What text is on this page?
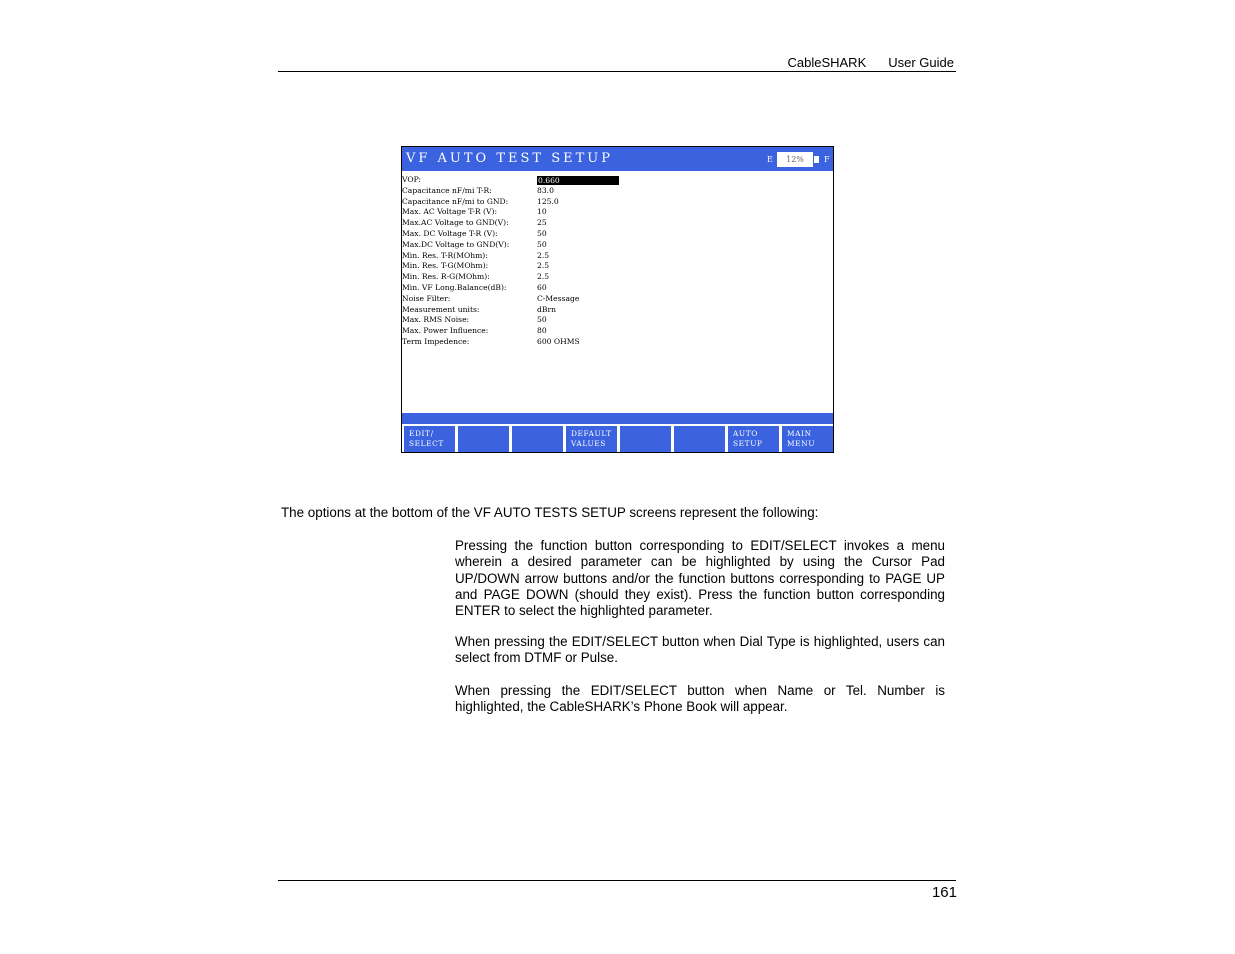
CableSHARK User Guide
VF AUTO TEST SETUP	E	12%	F
VOP:	0.660
Capacitance nF/mi T-R:	83.0
Capacitance nF/mi to GND:	125.0
Max. AC Voltage T-R (V):	10
Max.AC Voltage to GND(V):	25
Max. DC Voltage T-R (V):	50
Max.DC Voltage to GND(V):	50
Min. Res. T-R(MOhm):	2.5
Min. Res. T-G(MOhm):	2.5
Min. Res. R-G(MOhm):	2.5
Min. VF Long.Balance(dB):	60
Noise Filter:	C-Message
Measurement units:	dBrn
Max. RMS Noise:	50
Max. Power Influence:	80
Term Impedence:	600 OHMS
EDIT/
SELECT
DEFAULT
VALUES
AUTO
SETUP
MAIN
MENU
The options at the bottom of the VF AUTO TESTS SETUP screens represent the following:

Pressing the function button corresponding to EDIT/SELECT invokes a menu wherein a desired parameter can be highlighted by using the Cursor Pad UP/DOWN arrow buttons and/or the function buttons corresponding to PAGE UP and PAGE DOWN (should they exist). Press the function button corresponding ENTER to select the highlighted parameter.

When pressing the EDIT/SELECT button when Dial Type is highlighted, users can select from DTMF or Pulse.

When pressing the EDIT/SELECT button when Name or Tel. Number is highlighted, the CableSHARK’s Phone Book will appear.

161
